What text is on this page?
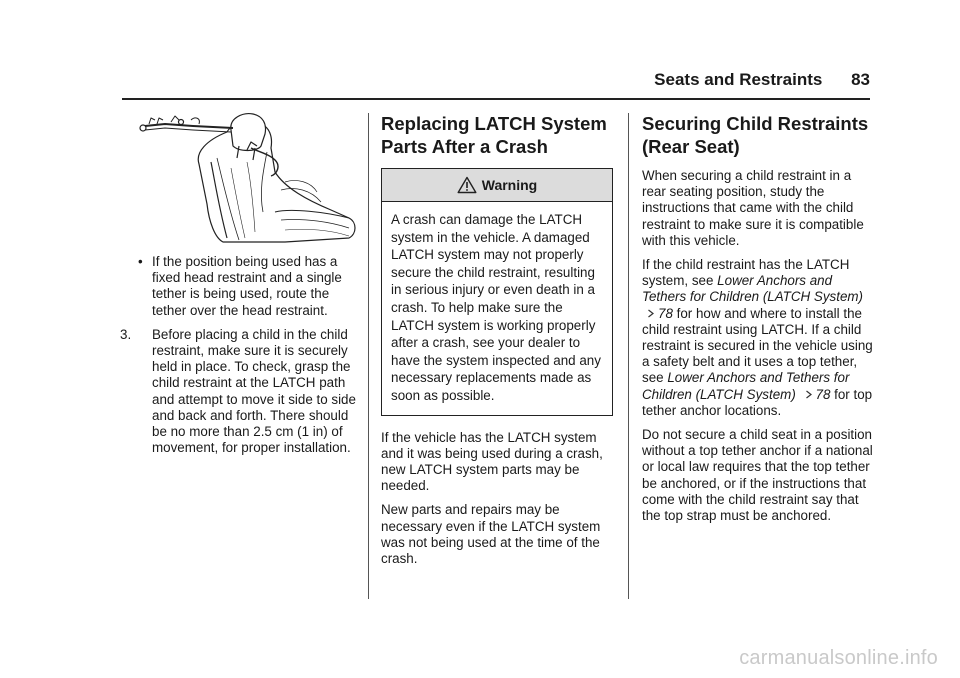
Seats and Restraints 83
• If the position being used has a fixed head restraint and a single tether is being used, route the tether over the head restraint.
3. Before placing a child in the child restraint, make sure it is securely held in place. To check, grasp the child restraint at the LATCH path and attempt to move it side to side and back and forth. There should be no more than 2.5 cm (1 in) of movement, for proper installation.
Replacing LATCH System Parts After a Crash
Warning
A crash can damage the LATCH system in the vehicle. A damaged LATCH system may not properly secure the child restraint, resulting in serious injury or even death in a crash. To help make sure the LATCH system is working properly after a crash, see your dealer to have the system inspected and any necessary replacements made as soon as possible.

If the vehicle has the LATCH system and it was being used during a crash, new LATCH system parts may be needed.

New parts and repairs may be necessary even if the LATCH system was not being used at the time of the crash.

Securing Child Restraints (Rear Seat)

When securing a child restraint in a rear seating position, study the instructions that came with the child restraint to make sure it is compatible with this vehicle.

If the child restraint has the LATCH system, see Lower Anchors and Tethers for Children (LATCH System) 78 for how and where to install the child restraint using LATCH. If a child restraint is secured in the vehicle using a safety belt and it uses a top tether, see Lower Anchors and Tethers for Children (LATCH System) 78 for top tether anchor locations.

Do not secure a child seat in a position without a top tether anchor if a national or local law requires that the top tether be anchored, or if the instructions that come with the child restraint say that the top strap must be anchored.

carmanualsonline.info
